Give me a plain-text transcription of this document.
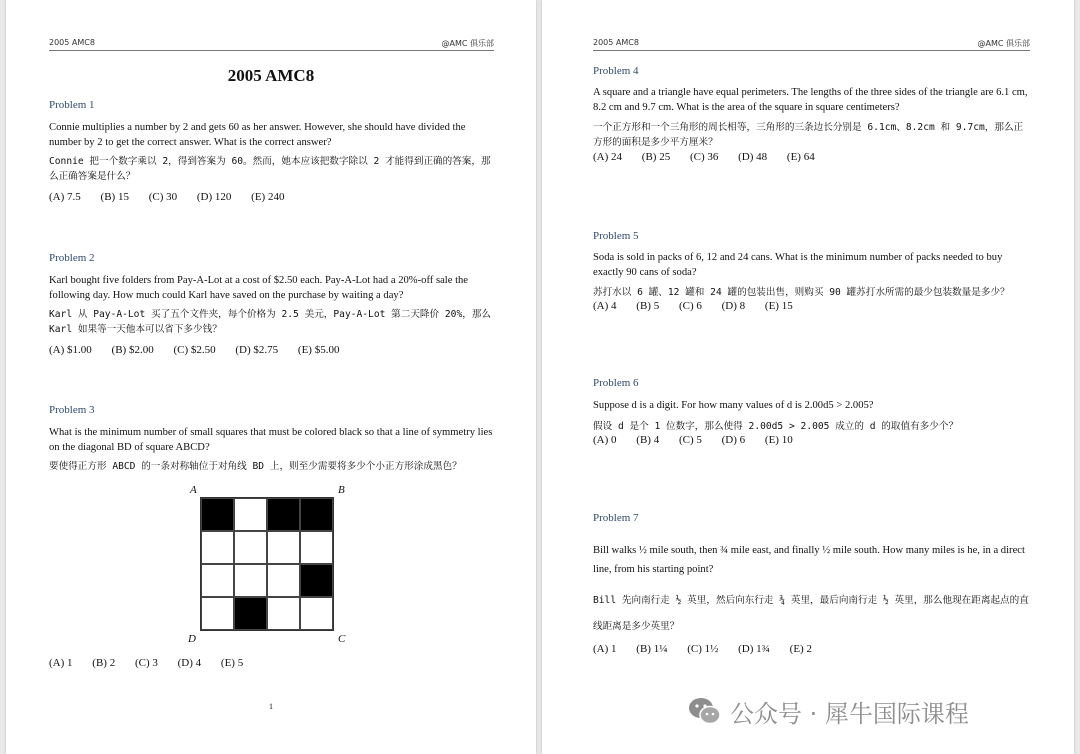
2005 AMC8	@AMC 俱乐部
2005 AMC8
Problem 1
Connie multiplies a number by 2 and gets 60 as her answer. However, she should have divided the number by 2 to get the correct answer. What is the correct answer?
Connie 把一个数字乘以 2，得到答案为 60。然而，她本应该把数字除以 2 才能得到正确的答案，那么正确答案是什么？
(A) 7.5 (B) 15 (C) 30 (D) 120 (E) 240
Problem 2
Karl bought five folders from Pay-A-Lot at a cost of $2.50 each. Pay-A-Lot had a 20%-off sale the following day. How much could Karl have saved on the purchase by waiting a day?
Karl 从 Pay-A-Lot 买了五个文件夹，每个价格为 2.5 美元，Pay-A-Lot 第二天降价 20%，那么 Karl 如果等一天他本可以省下多少钱？
(A) $1.00 (B) $2.00 (C) $2.50 (D) $2.75 (E) $5.00
Problem 3
What is the minimum number of small squares that must be colored black so that a line of symmetry lies on the diagonal BD of square ABCD?
要使得正方形 ABCD 的一条对称轴位于对角线 BD 上，则至少需要将多少个小正方形涂成黑色？
A	B
D	C
(A) 1 (B) 2 (C) 3 (D) 4 (E) 5
1
2005 AMC8	@AMC 俱乐部
Problem 4
A square and a triangle have equal perimeters. The lengths of the three sides of the triangle are 6.1 cm, 8.2 cm and 9.7 cm. What is the area of the square in square centimeters?
一个正方形和一个三角形的周长相等，三角形的三条边长分别是 6.1cm、8.2cm 和 9.7cm，那么正方形的面积是多少平方厘米？
(A) 24 (B) 25 (C) 36 (D) 48 (E) 64
Problem 5
Soda is sold in packs of 6, 12 and 24 cans. What is the minimum number of packs needed to buy exactly 90 cans of soda?
苏打水以 6 罐、12 罐和 24 罐的包装出售，则购买 90 罐苏打水所需的最少包装数量是多少？
(A) 4 (B) 5 (C) 6 (D) 8 (E) 15
Problem 6
Suppose d is a digit. For how many values of d is 2.00d5 > 2.005?
假设 d 是个 1 位数字，那么使得 2.00d5 > 2.005 成立的 d 的取值有多少个？
(A) 0 (B) 4 (C) 5 (D) 6 (E) 10
Problem 7
Bill walks ½ mile south, then ¾ mile east, and finally ½ mile south. How many miles is he, in a direct line, from his starting point?
Bill 先向南行走 ½ 英里，然后向东行走 ¾ 英里，最后向南行走 ½ 英里，那么他现在距离起点的直线距离是多少英里？
(A) 1 (B) 1¼ (C) 1½ (D) 1¾ (E) 2
公众号 · 犀牛国际课程
